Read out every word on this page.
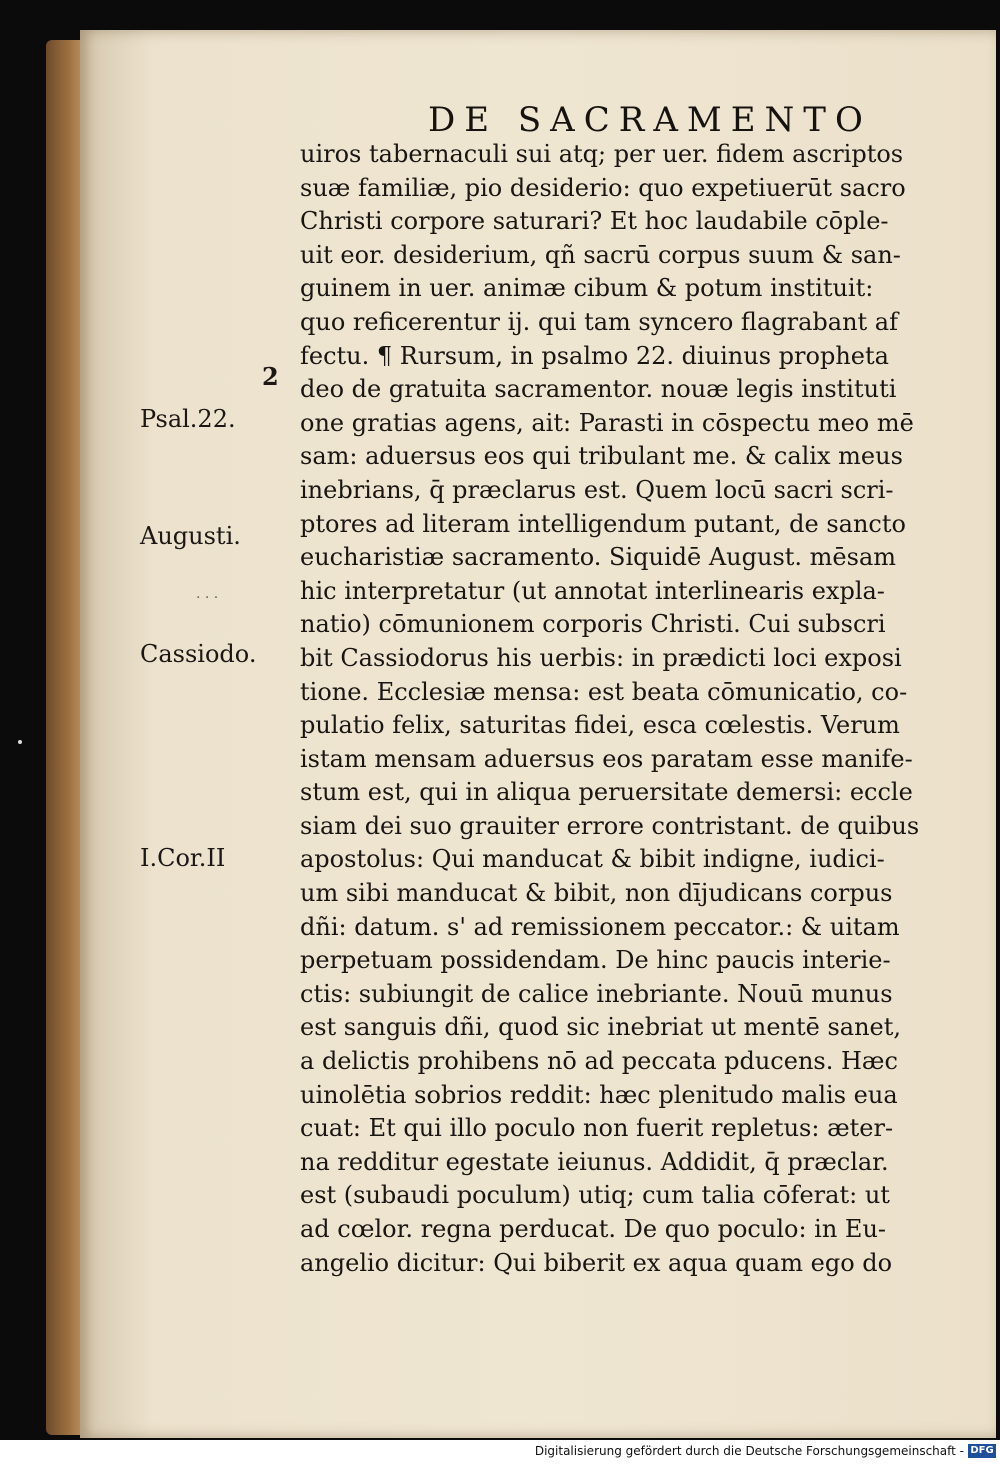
DE SACRAMENTO
2
Psal.22.
Augusti.
. . .
Cassiodo.
I.Cor.II
uiros tabernaculi sui atq; per uer. fidem ascriptos
suæ familiæ, pio desiderio: quo expetiuerūt sacro
Christi corpore saturari? Et hoc laudabile cōple-
uit eor. desiderium, qñ sacrū corpus suum & san-
guinem in uer. animæ cibum & potum instituit:
quo reficerentur ij. qui tam syncero flagrabant af
fectu. ¶ Rursum, in psalmo 22. diuinus propheta
deo de gratuita sacramentor. nouæ legis instituti
one gratias agens, ait: Parasti in cōspectu meo mē
sam: aduersus eos qui tribulant me. & calix meus
inebrians, q̄ præclarus est. Quem locū sacri scri-
ptores ad literam intelligendum putant, de sancto
eucharistiæ sacramento. Siquidē August. mēsam
hic interpretatur (ut annotat interlinearis expla-
natio) cōmunionem corporis Christi. Cui subscri
bit Cassiodorus his uerbis: in prædicti loci exposi
tione. Ecclesiæ mensa: est beata cōmunicatio, co-
pulatio felix, saturitas fidei, esca cœlestis. Verum
istam mensam aduersus eos paratam esse manife-
stum est, qui in aliqua peruersitate demersi: eccle
siam dei suo grauiter errore contristant. de quibus
apostolus: Qui manducat & bibit indigne, iudici-
um sibi manducat & bibit, non dījudicans corpus
dñi: datum. s' ad remissionem peccator.: & uitam
perpetuam possidendam. De hinc paucis interie-
ctis: subiungit de calice inebriante. Nouū munus
est sanguis dñi, quod sic inebriat ut mentē sanet,
a delictis prohibens nō ad peccata pducens. Hæc
uinolētia sobrios reddit: hæc plenitudo malis eua
cuat: Et qui illo poculo non fuerit repletus: æter-
na redditur egestate ieiunus. Addidit, q̄ præclar.
est (subaudi poculum) utiq; cum talia cōferat: ut
ad cœlor. regna perducat. De quo poculo: in Eu-
angelio dicitur: Qui biberit ex aqua quam ego do
Digitalisierung gefördert durch die Deutsche Forschungsgemeinschaft - DFG
